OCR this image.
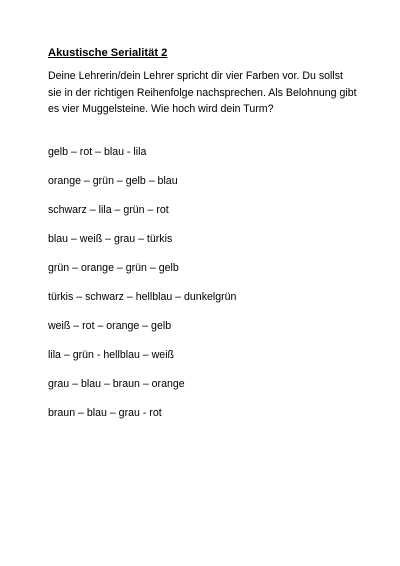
Akustische Serialität 2

Deine Lehrerin/dein Lehrer spricht dir vier Farben vor. Du sollst sie in der richtigen Reihenfolge nachsprechen. Als Belohnung gibt es vier Muggelsteine. Wie hoch wird dein Turm?

gelb – rot – blau - lila
orange – grün – gelb – blau
schwarz – lila – grün – rot
blau – weiß – grau – türkis
grün – orange – grün – gelb
türkis – schwarz – hellblau – dunkelgrün
weiß – rot – orange – gelb
lila – grün - hellblau – weiß
grau – blau – braun – orange
braun – blau – grau - rot
